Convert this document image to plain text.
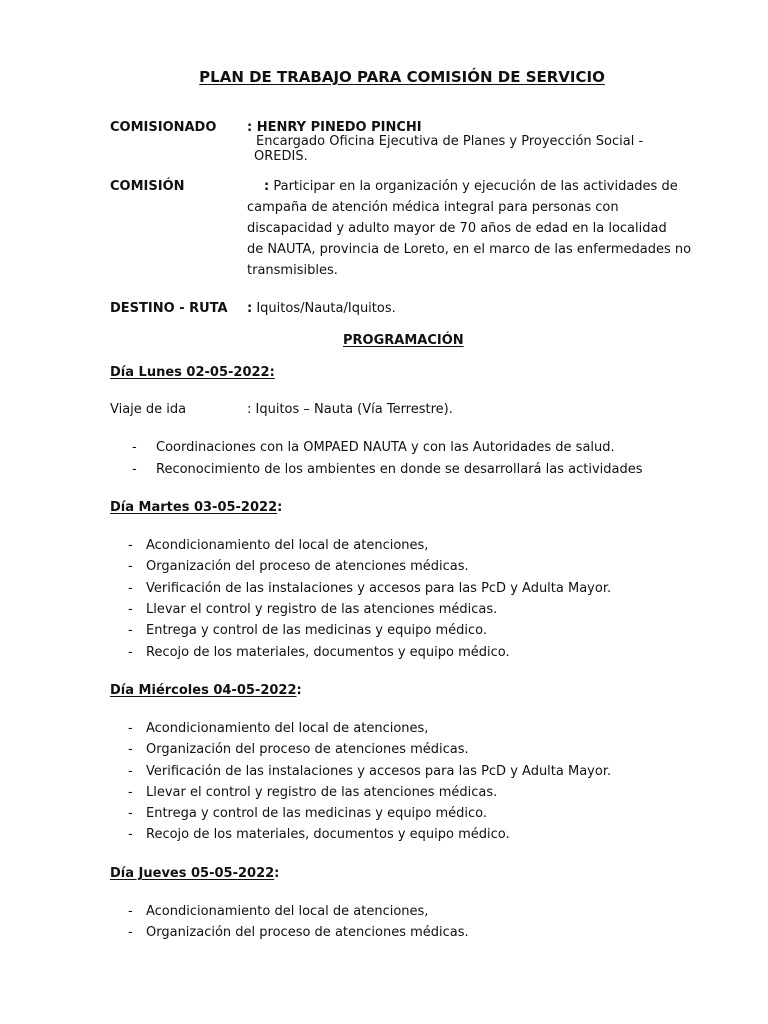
PLAN DE TRABAJO PARA COMISIÓN DE SERVICIO
COMISIONADO : HENRY PINEDO PINCHI
Encargado Oficina Ejecutiva de Planes y Proyección Social -
OREDIS.
COMISIÓN	: Participar en la organización y ejecución de las actividades de
campaña de atención médica integral para personas con
discapacidad y adulto mayor de 70 años de edad en la localidad
de NAUTA, provincia de Loreto, en el marco de las enfermedades no
transmisibles.
DESTINO - RUTA : Iquitos/Nauta/Iquitos.
PROGRAMACIÓN
Día Lunes 02-05-2022:
Viaje de ida	: Iquitos – Nauta (Vía Terrestre).
- Coordinaciones con la OMPAED NAUTA y con las Autoridades de salud.
- Reconocimiento de los ambientes en donde se desarrollará las actividades
Día Martes 03-05-2022:
- Acondicionamiento del local de atenciones,
- Organización del proceso de atenciones médicas.
- Verificación de las instalaciones y accesos para las PcD y Adulta Mayor.
- Llevar el control y registro de las atenciones médicas.
- Entrega y control de las medicinas y equipo médico.
- Recojo de los materiales, documentos y equipo médico.
Día Miércoles 04-05-2022:
- Acondicionamiento del local de atenciones,
- Organización del proceso de atenciones médicas.
- Verificación de las instalaciones y accesos para las PcD y Adulta Mayor.
- Llevar el control y registro de las atenciones médicas.
- Entrega y control de las medicinas y equipo médico.
- Recojo de los materiales, documentos y equipo médico.
Día Jueves 05-05-2022:
- Acondicionamiento del local de atenciones,
- Organización del proceso de atenciones médicas.
